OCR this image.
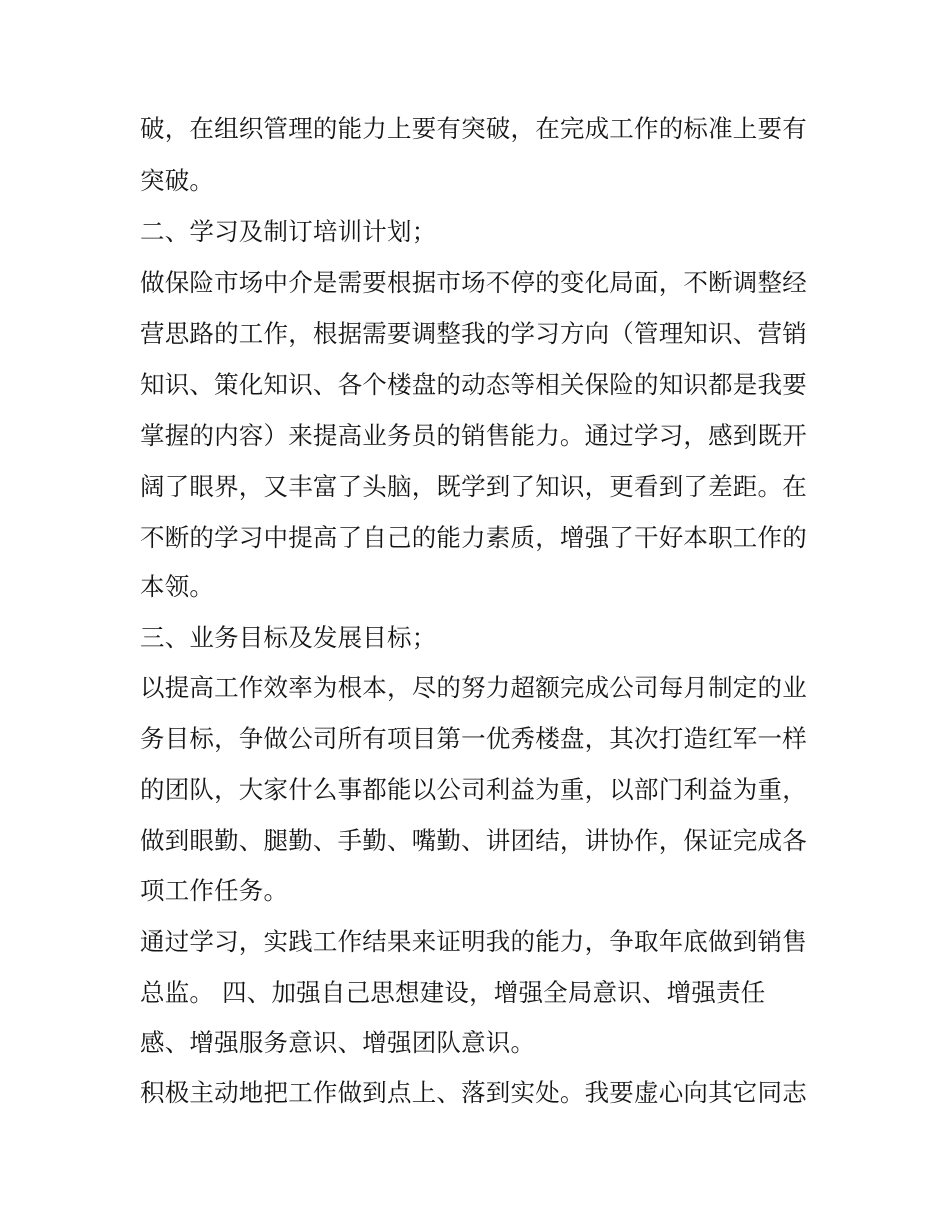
破，在组织管理的能力上要有突破，在完成工作的标准上要有
突破。
二、学习及制订培训计划；
做保险市场中介是需要根据市场不停的变化局面，不断调整经
营思路的工作，根据需要调整我的学习方向（管理知识、营销
知识、策化知识、各个楼盘的动态等相关保险的知识都是我要
掌握的内容）来提高业务员的销售能力。通过学习，感到既开
阔了眼界，又丰富了头脑，既学到了知识，更看到了差距。在
不断的学习中提高了自己的能力素质，增强了干好本职工作的
本领。
三、业务目标及发展目标；
以提高工作效率为根本，尽的努力超额完成公司每月制定的业
务目标，争做公司所有项目第一优秀楼盘，其次打造红军一样
的团队，大家什么事都能以公司利益为重，以部门利益为重，
做到眼勤、腿勤、手勤、嘴勤、讲团结，讲协作，保证完成各
项工作任务。
通过学习，实践工作结果来证明我的能力，争取年底做到销售
总监。 四、加强自己思想建设，增强全局意识、增强责任
感、增强服务意识、增强团队意识。
积极主动地把工作做到点上、落到实处。我要虚心向其它同志
